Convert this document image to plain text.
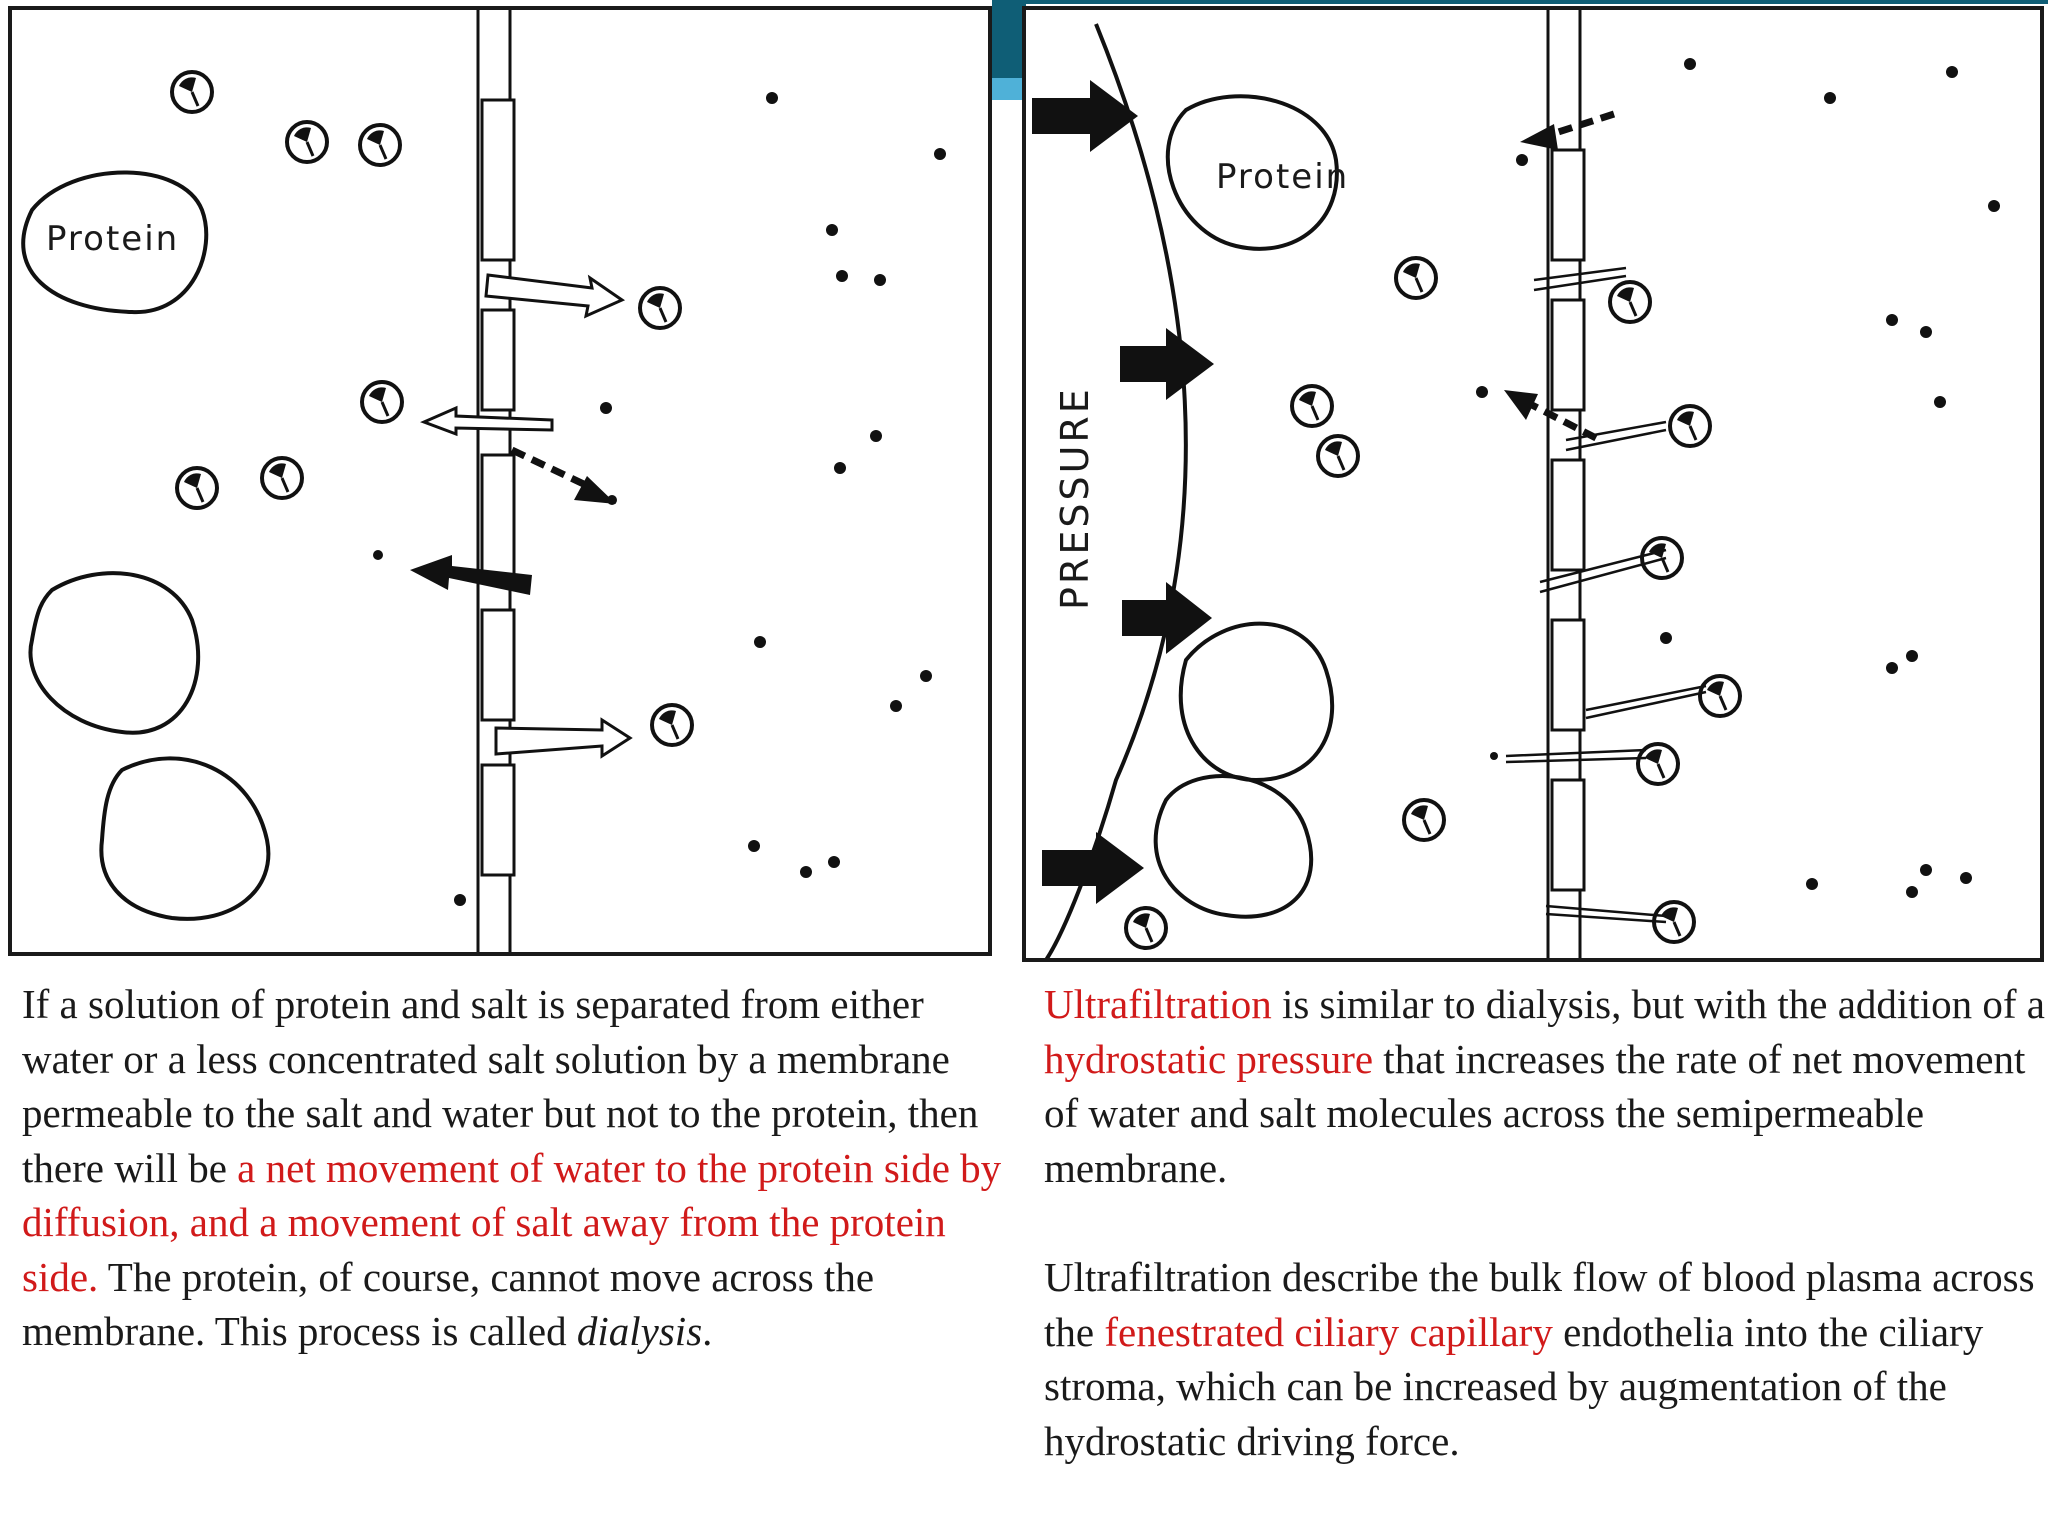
Protein
PRESSURE
Protein

If a solution of protein and salt is separated from either water or a less concentrated salt solution by a membrane permeable to the salt and water but not to the protein, then there will be a net movement of water to the protein side by diffusion, and a movement of salt away from the protein side. The protein, of course, cannot move across the membrane. This process is called dialysis.

Ultrafiltration is similar to dialysis, but with the addition of a hydrostatic pressure that increases the rate of net movement of water and salt molecules across the semipermeable membrane.

Ultrafiltration describe the bulk flow of blood plasma across the fenestrated ciliary capillary endothelia into the ciliary stroma, which can be increased by augmentation of the hydrostatic driving force.
